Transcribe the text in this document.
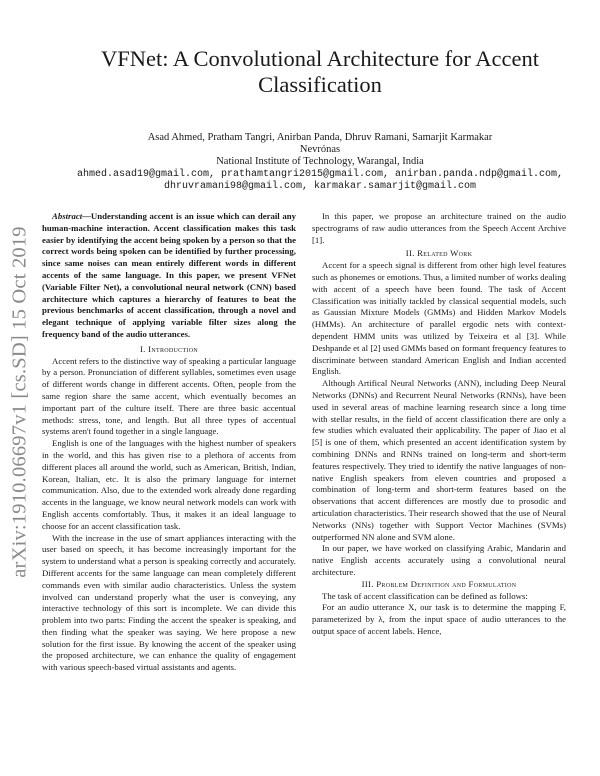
arXiv:1910.06697v1 [cs.SD] 15 Oct 2019
VFNet: A Convolutional Architecture for Accent
Classification

Asad Ahmed, Pratham Tangri, Anirban Panda, Dhruv Ramani, Samarjit Karmakar

Nevrónas

National Institute of Technology, Warangal, India

ahmed.asad19@gmail.com, prathamtangri2015@gmail.com, anirban.panda.ndp@gmail.com,

dhruvramani98@gmail.com, karmakar.samarjit@gmail.com

Abstract—Understanding accent is an issue which can derail any human-machine interaction. Accent classification makes this task easier by identifying the accent being spoken by a person so that the correct words being spoken can be identified by further processing, since same noises can mean entirely different words in different accents of the same language. In this paper, we present VFNet (Variable Filter Net), a convolutional neural network (CNN) based architecture which captures a hierarchy of features to beat the previous benchmarks of accent classification, through a novel and elegant technique of applying variable filter sizes along the frequency band of the audio utterances.

I. Introduction

Accent refers to the distinctive way of speaking a particular language by a person. Pronunciation of different syllables, sometimes even usage of different words change in different accents. Often, people from the same region share the same accent, which eventually becomes an important part of the culture itself. There are three basic accentual methods: stress, tone, and length. But all three types of accentual systems aren't found together in a single language.

English is one of the languages with the highest number of speakers in the world, and this has given rise to a plethora of accents from different places all around the world, such as American, British, Indian, Korean, Italian, etc. It is also the primary language for internet communication. Also, due to the extended work already done regarding accents in the language, we know neural network models can work with English accents comfortably. Thus, it makes it an ideal language to choose for an accent classification task.

With the increase in the use of smart appliances interacting with the user based on speech, it has become increasingly important for the system to understand what a person is speaking correctly and accurately. Different accents for the same language can mean completely different commands even with similar audio characteristics. Unless the system involved can understand properly what the user is conveying, any interactive technology of this sort is incomplete. We can divide this problem into two parts: Finding the accent the speaker is speaking, and then finding what the speaker was saying. We here propose a new solution for the first issue. By knowing the accent of the speaker using the proposed architecture, we can enhance the quality of engagement with various speech-based virtual assistants and agents.

In this paper, we propose an architecture trained on the audio spectrograms of raw audio utterances from the Speech Accent Archive [1].

II. Related Work

Accent for a speech signal is different from other high level features such as phonemes or emotions. Thus, a limited number of works dealing with accent of a speech have been found. The task of Accent Classification was initially tackled by classical sequential models, such as Gaussian Mixture Models (GMMs) and Hidden Markov Models (HMMs). An architecture of parallel ergodic nets with context-dependent HMM units was utilized by Teixeira et al [3]. While Deshpande et al [2] used GMMs based on formant frequency features to discriminate between standard American English and Indian accented English.

Although Artifical Neural Networks (ANN), including Deep Neural Networks (DNNs) and Recurrent Neural Networks (RNNs), have been used in several areas of machine learning research since a long time with stellar results, in the field of accent classification there are only a few studies which evaluated their applicability. The paper of Jiao et al [5] is one of them, which presented an accent identification system by combining DNNs and RNNs trained on long-term and short-term features respectively. They tried to identify the native languages of non-native English speakers from eleven countries and proposed a combination of long-term and short-term features based on the observations that accent differences are mostly due to prosodic and articulation characteristics. Their research showed that the use of Neural Networks (NNs) together with Support Vector Machines (SVMs) outperformed NN alone and SVM alone.

In our paper, we have worked on classifying Arabic, Mandarin and native English accents accurately using a convolutional neural architecture.

III. Problem Definition and Formulation

The task of accent classification can be defined as follows:

For an audio utterance X, our task is to determine the mapping F, parameterized by λ, from the input space of audio utterances to the output space of accent labels. Hence,
